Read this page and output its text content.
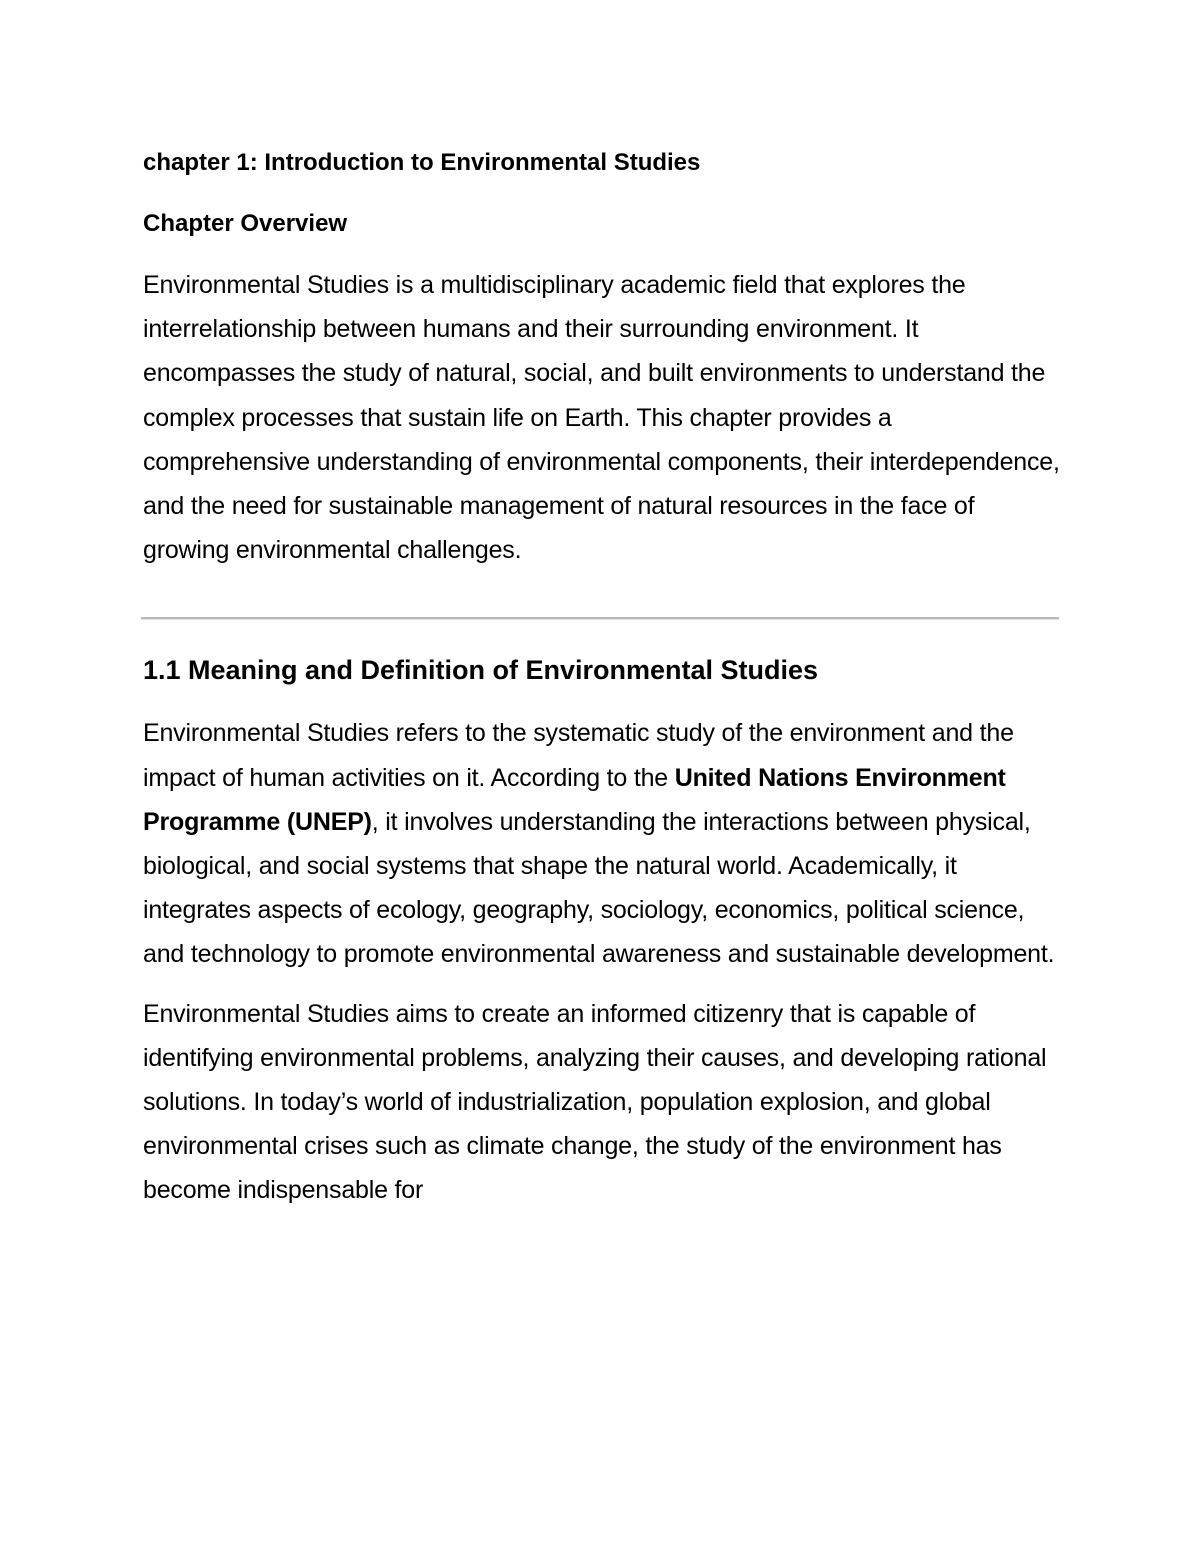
chapter 1: Introduction to Environmental Studies
Chapter Overview

Environmental Studies is a multidisciplinary academic field that explores the interrelationship between humans and their surrounding environment. It encompasses the study of natural, social, and built environments to understand the complex processes that sustain life on Earth. This chapter provides a comprehensive understanding of environmental components, their interdependence, and the need for sustainable management of natural resources in the face of growing environmental challenges.

1.1 Meaning and Definition of Environmental Studies

Environmental Studies refers to the systematic study of the environment and the impact of human activities on it. According to the United Nations Environment Programme (UNEP), it involves understanding the interactions between physical, biological, and social systems that shape the natural world. Academically, it integrates aspects of ecology, geography, sociology, economics, political science, and technology to promote environmental awareness and sustainable development.

Environmental Studies aims to create an informed citizenry that is capable of identifying environmental problems, analyzing their causes, and developing rational solutions. In today’s world of industrialization, population explosion, and global environmental crises such as climate change, the study of the environment has become indispensable for
